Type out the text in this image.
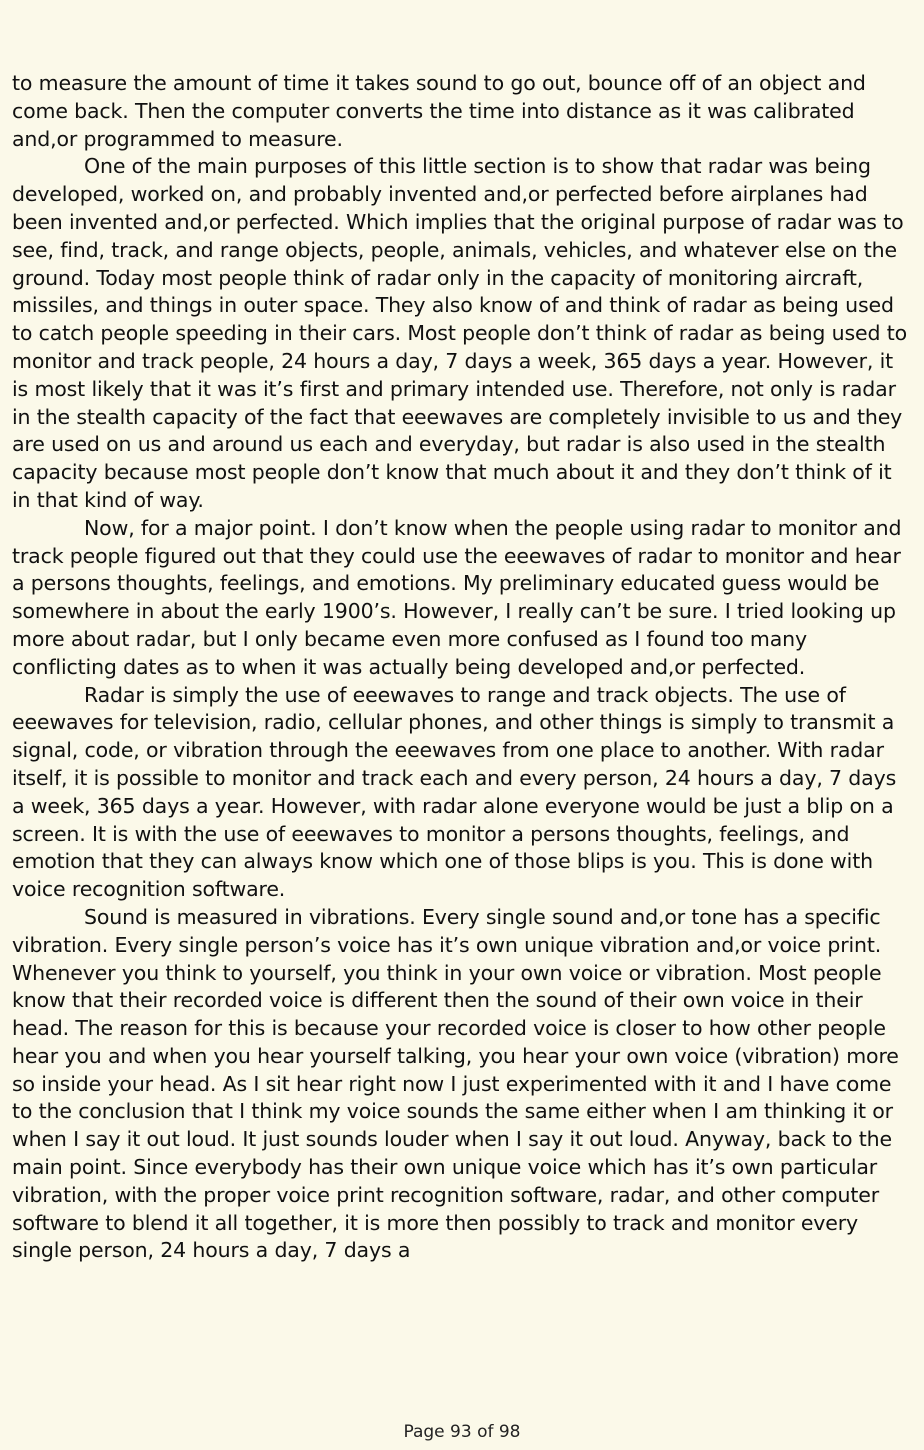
to measure the amount of time it takes sound to go out, bounce off of an object and come back. Then the computer converts the time into distance as it was calibrated and,or programmed to measure.

One of the main purposes of this little section is to show that radar was being developed, worked on, and probably invented and,or perfected before airplanes had been invented and,or perfected. Which implies that the original purpose of radar was to see, find, track, and range objects, people, animals, vehicles, and whatever else on the ground. Today most people think of radar only in the capacity of monitoring aircraft, missiles, and things in outer space. They also know of and think of radar as being used to catch people speeding in their cars. Most people don’t think of radar as being used to monitor and track people, 24 hours a day, 7 days a week, 365 days a year. However, it is most likely that it was it’s first and primary intended use. Therefore, not only is radar in the stealth capacity of the fact that eeewaves are completely invisible to us and they are used on us and around us each and everyday, but radar is also used in the stealth capacity because most people don’t know that much about it and they don’t think of it in that kind of way.

Now, for a major point. I don’t know when the people using radar to monitor and track people figured out that they could use the eeewaves of radar to monitor and hear a persons thoughts, feelings, and emotions. My preliminary educated guess would be somewhere in about the early 1900’s. However, I really can’t be sure. I tried looking up more about radar, but I only became even more confused as I found too many conflicting dates as to when it was actually being developed and,or perfected.

Radar is simply the use of eeewaves to range and track objects. The use of eeewaves for television, radio, cellular phones, and other things is simply to transmit a signal, code, or vibration through the eeewaves from one place to another. With radar itself, it is possible to monitor and track each and every person, 24 hours a day, 7 days a week, 365 days a year. However, with radar alone everyone would be just a blip on a screen. It is with the use of eeewaves to monitor a persons thoughts, feelings, and emotion that they can always know which one of those blips is you. This is done with voice recognition software.

Sound is measured in vibrations. Every single sound and,or tone has a specific vibration. Every single person’s voice has it’s own unique vibration and,or voice print. Whenever you think to yourself, you think in your own voice or vibration. Most people know that their recorded voice is different then the sound of their own voice in their head. The reason for this is because your recorded voice is closer to how other people hear you and when you hear yourself talking, you hear your own voice (vibration) more so inside your head. As I sit hear right now I just experimented with it and I have come to the conclusion that I think my voice sounds the same either when I am thinking it or when I say it out loud. It just sounds louder when I say it out loud. Anyway, back to the main point. Since everybody has their own unique voice which has it’s own particular vibration, with the proper voice print recognition software, radar, and other computer software to blend it all together, it is more then possibly to track and monitor every single person, 24 hours a day, 7 days a

Page 93 of 98
